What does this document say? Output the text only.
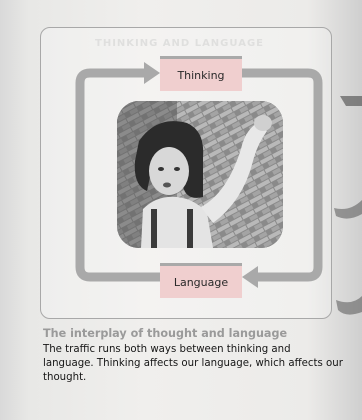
THINKING AND LANGUAGE
Thinking
Language

The interplay of thought and language

The traffic runs both ways between thinking and language. Thinking affects our language, which affects our thought.
